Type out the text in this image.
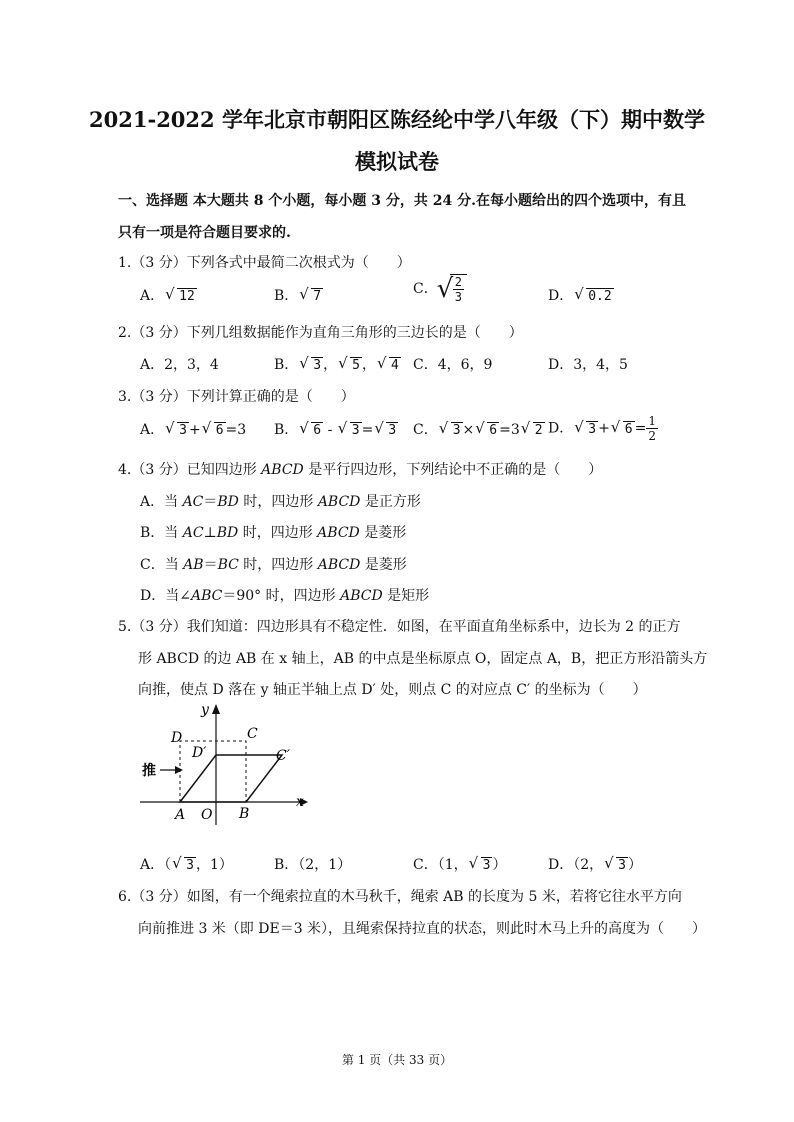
2021-2022 学年北京市朝阳区陈经纶中学八年级（下）期中数学
模拟试卷
一、选择题 本大题共 8 个小题，每小题 3 分，共 24 分.在每小题给出的四个选项中，有且
只有一项是符合题目要求的.
1.（3 分）下列各式中最简二次根式为（　　）
A． √ 12	B． √ 7	C． √ $\frac{2}{3}$	D． √ 0.2
2.（3 分）下列几组数据能作为直角三角形的三边长的是（　　）
A．2，3，4	B． √ 3 ， √ 5 ， √ 4 C．4，6，9	D．3，4，5
3.（3 分）下列计算正确的是（　　）
A． √ 3 + √ 6 =3 B． √ 6 - √ 3 = √ 3 C． √ 3 × √ 6 =3 √ 2 D． √ 3 + √ $6 = \frac{1}{2}$
4.（3 分）已知四边形 ABCD 是平行四边形，下列结论中不正确的是（　　）
A．当 AC＝BD 时，四边形 ABCD 是正方形
B．当 AC⊥BD 时，四边形 ABCD 是菱形
C．当 AB＝BC 时，四边形 ABCD 是菱形
D．当∠ABC＝90° 时，四边形 ABCD 是矩形
5.（3 分）我们知道：四边形具有不稳定性．如图，在平面直角坐标系中，边长为 2 的正方
形 ABCD 的边 AB 在 x 轴上，AB 的中点是坐标原点 O，固定点 A，B，把正方形沿箭头方
向推，使点 D 落在 y 轴正半轴上点 D′ 处，则点 C 的对应点 C′ 的坐标为（　　）
y
x
D	C
D′	C′
A O B
推
A．（ √ 3 ，1）	B．（2，1）	C．（1， √ 3 ）	D．（2， √ 3 ）
6.（3 分）如图，有一个绳索拉直的木马秋千，绳索 AB 的长度为 5 米，若将它往水平方向
向前推进 3 米（即 DE＝3 米），且绳索保持拉直的状态，则此时木马上升的高度为（　　）
第 1 页（共 33 页）
